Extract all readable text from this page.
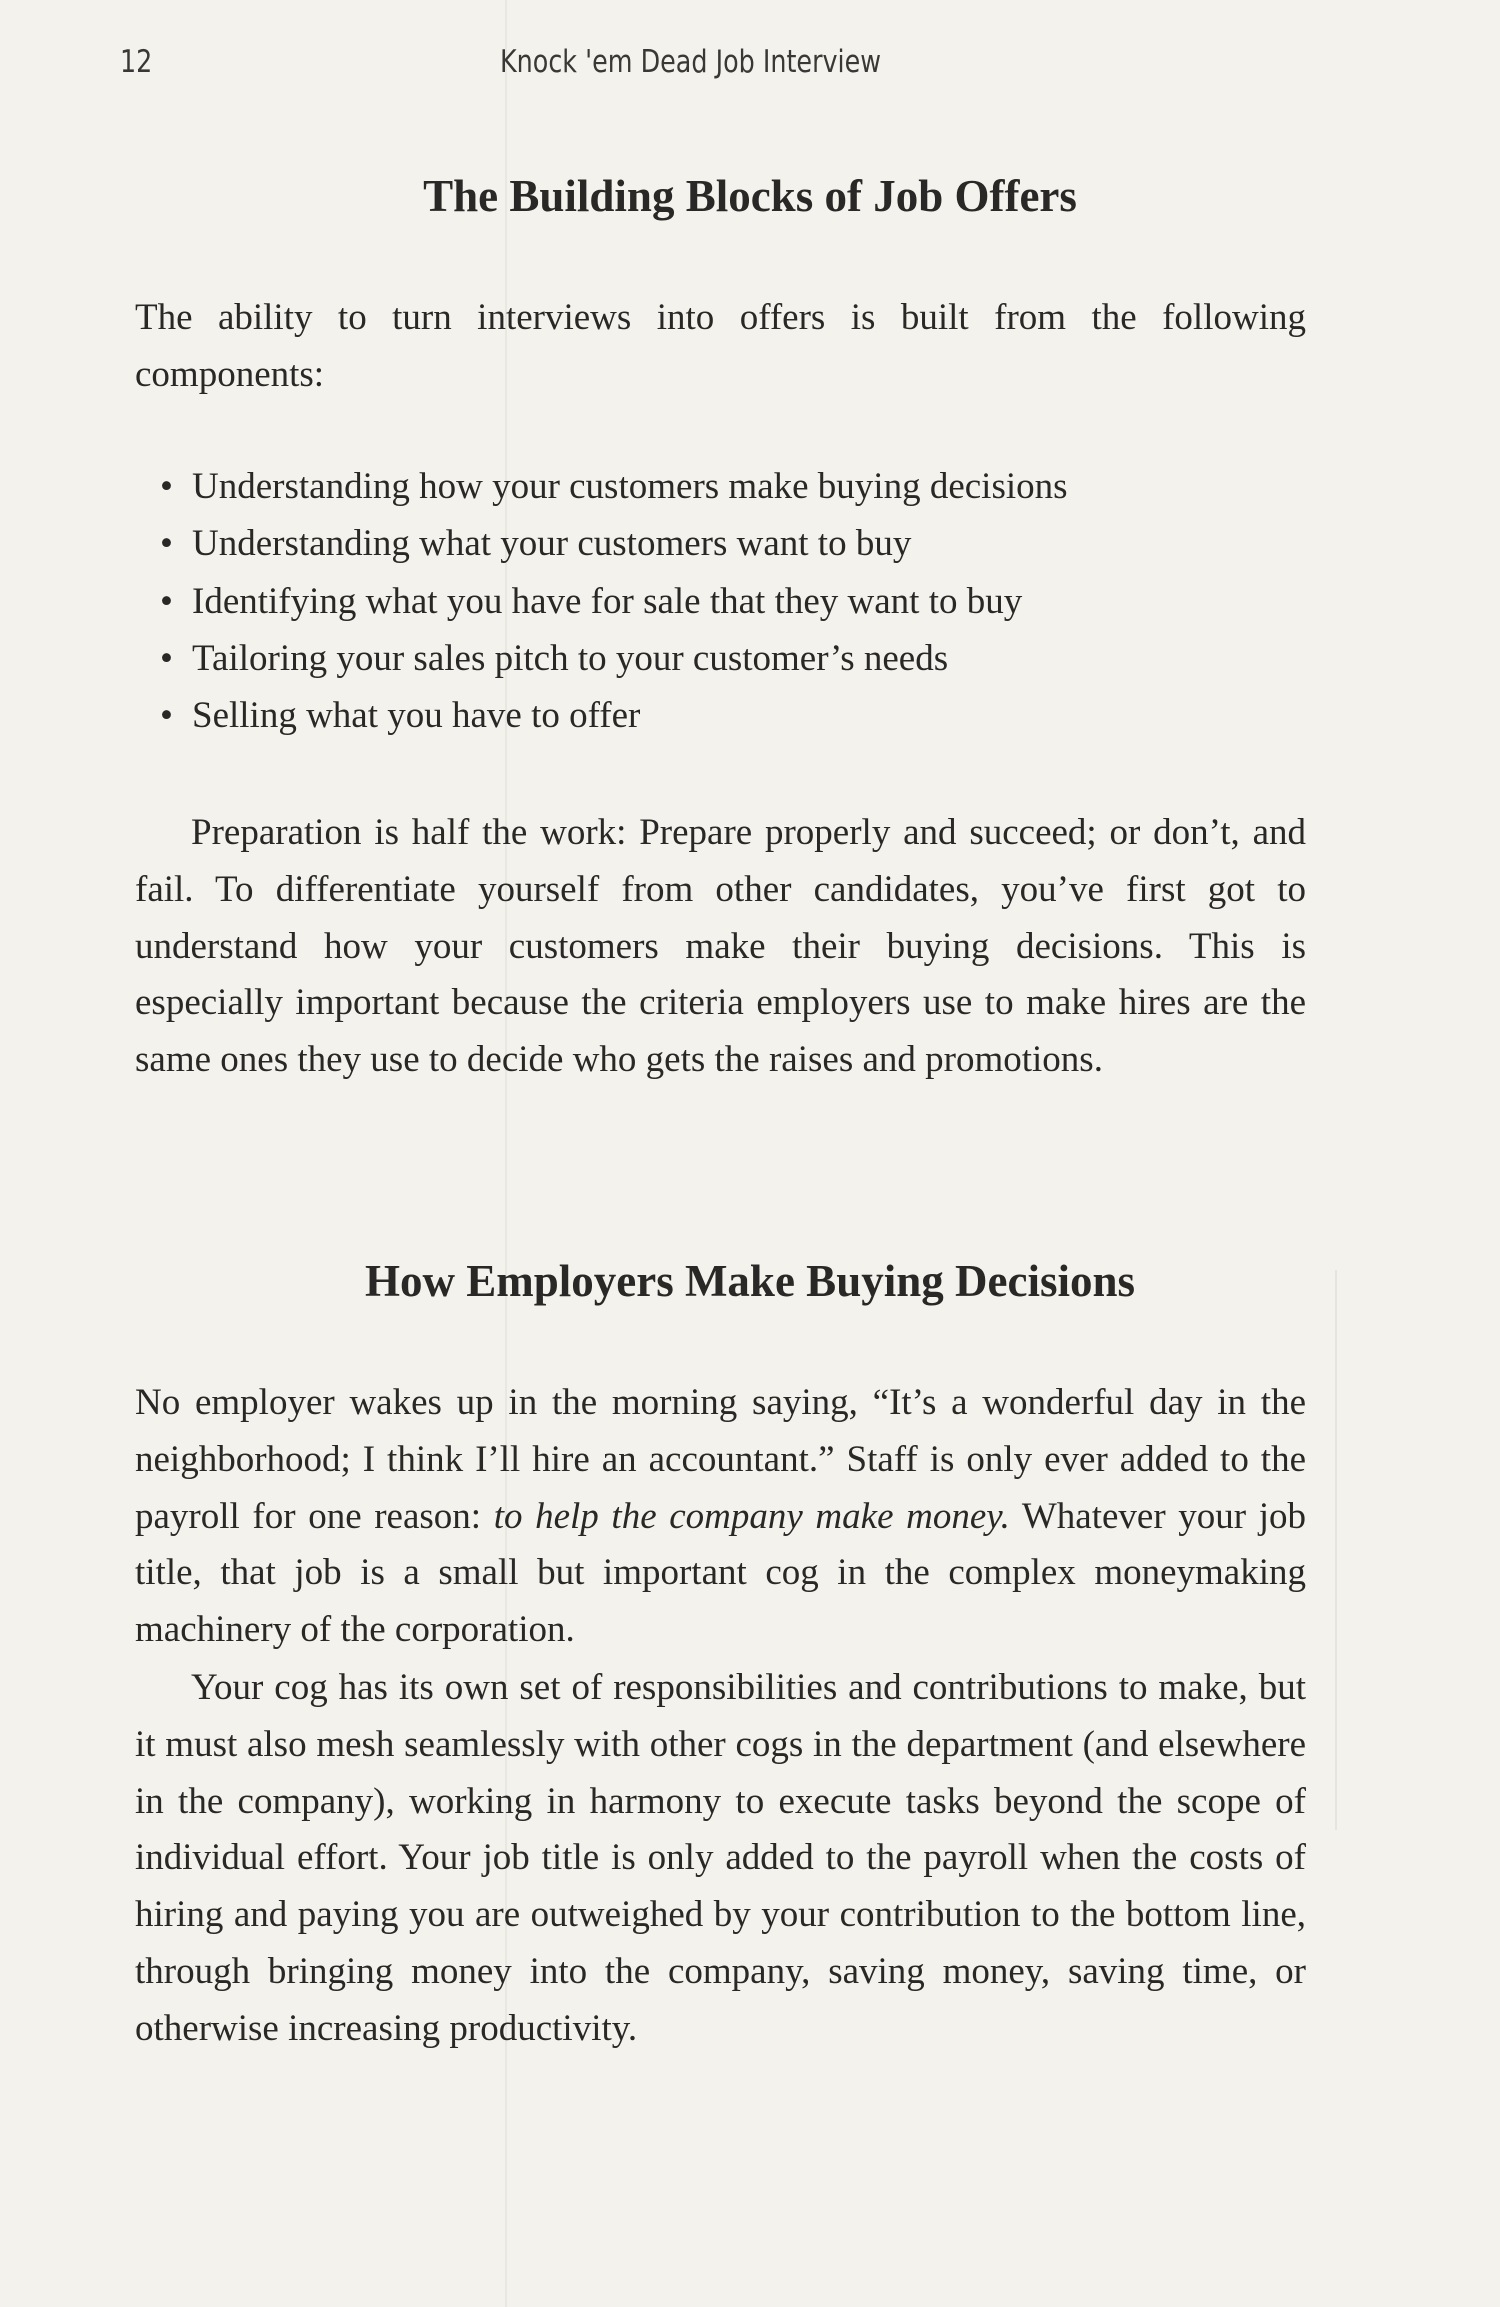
12	Knock 'em Dead Job Interview
The Building Blocks of Job Offers
The ability to turn interviews into offers is built from the following components:
• Understanding how your customers make buying decisions
• Understanding what your customers want to buy
• Identifying what you have for sale that they want to buy
• Tailoring your sales pitch to your customer’s needs
• Selling what you have to offer
Preparation is half the work: Prepare properly and succeed; or don’t, and fail. To differentiate yourself from other candidates, you’ve first got to understand how your customers make their buying decisions. This is especially important because the criteria employers use to make hires are the same ones they use to decide who gets the raises and promotions.
How Employers Make Buying Decisions
No employer wakes up in the morning saying, “It’s a wonderful day in the neighborhood; I think I’ll hire an accountant.” Staff is only ever added to the payroll for one reason: to help the company make money. Whatever your job title, that job is a small but important cog in the complex moneymaking machinery of the corporation.
Your cog has its own set of responsibilities and contributions to make, but it must also mesh seamlessly with other cogs in the department (and elsewhere in the company), working in harmony to execute tasks beyond the scope of individual effort. Your job title is only added to the payroll when the costs of hiring and paying you are outweighed by your contribution to the bottom line, through bringing money into the company, saving money, saving time, or otherwise increasing productivity.
